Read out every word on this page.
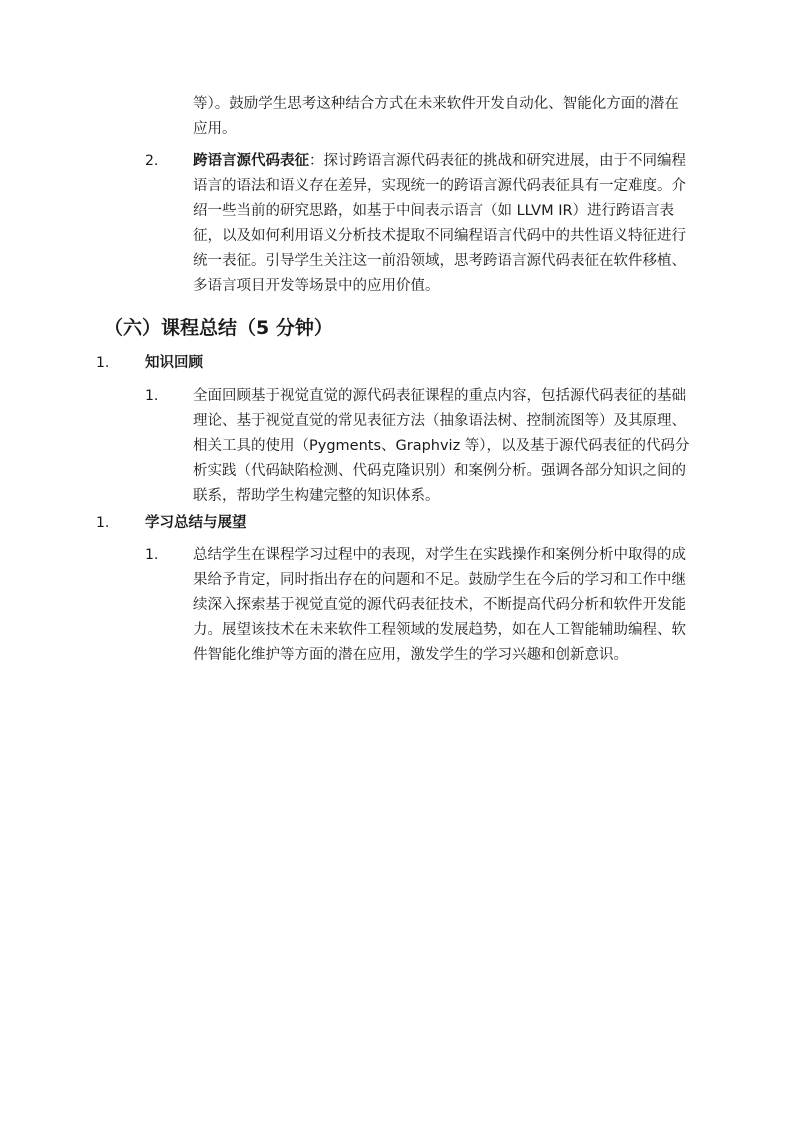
等）。鼓励学生思考这种结合方式在未来软件开发自动化、智能化方面的潜在
应用。
2. 跨语言源代码表征：探讨跨语言源代码表征的挑战和研究进展，由于不同编程
语言的语法和语义存在差异，实现统一的跨语言源代码表征具有一定难度。介
绍一些当前的研究思路，如基于中间表示语言（如 LLVM IR）进行跨语言表
征，以及如何利用语义分析技术提取不同编程语言代码中的共性语义特征进行
统一表征。引导学生关注这一前沿领域，思考跨语言源代码表征在软件移植、
多语言项目开发等场景中的应用价值。
（六）课程总结（5 分钟）
1. 知识回顾
1. 全面回顾基于视觉直觉的源代码表征课程的重点内容，包括源代码表征的基础
理论、基于视觉直觉的常见表征方法（抽象语法树、控制流图等）及其原理、
相关工具的使用（Pygments、Graphviz 等），以及基于源代码表征的代码分
析实践（代码缺陷检测、代码克隆识别）和案例分析。强调各部分知识之间的
联系，帮助学生构建完整的知识体系。
1. 学习总结与展望
1. 总结学生在课程学习过程中的表现，对学生在实践操作和案例分析中取得的成
果给予肯定，同时指出存在的问题和不足。鼓励学生在今后的学习和工作中继
续深入探索基于视觉直觉的源代码表征技术，不断提高代码分析和软件开发能
力。展望该技术在未来软件工程领域的发展趋势，如在人工智能辅助编程、软
件智能化维护等方面的潜在应用，激发学生的学习兴趣和创新意识。
